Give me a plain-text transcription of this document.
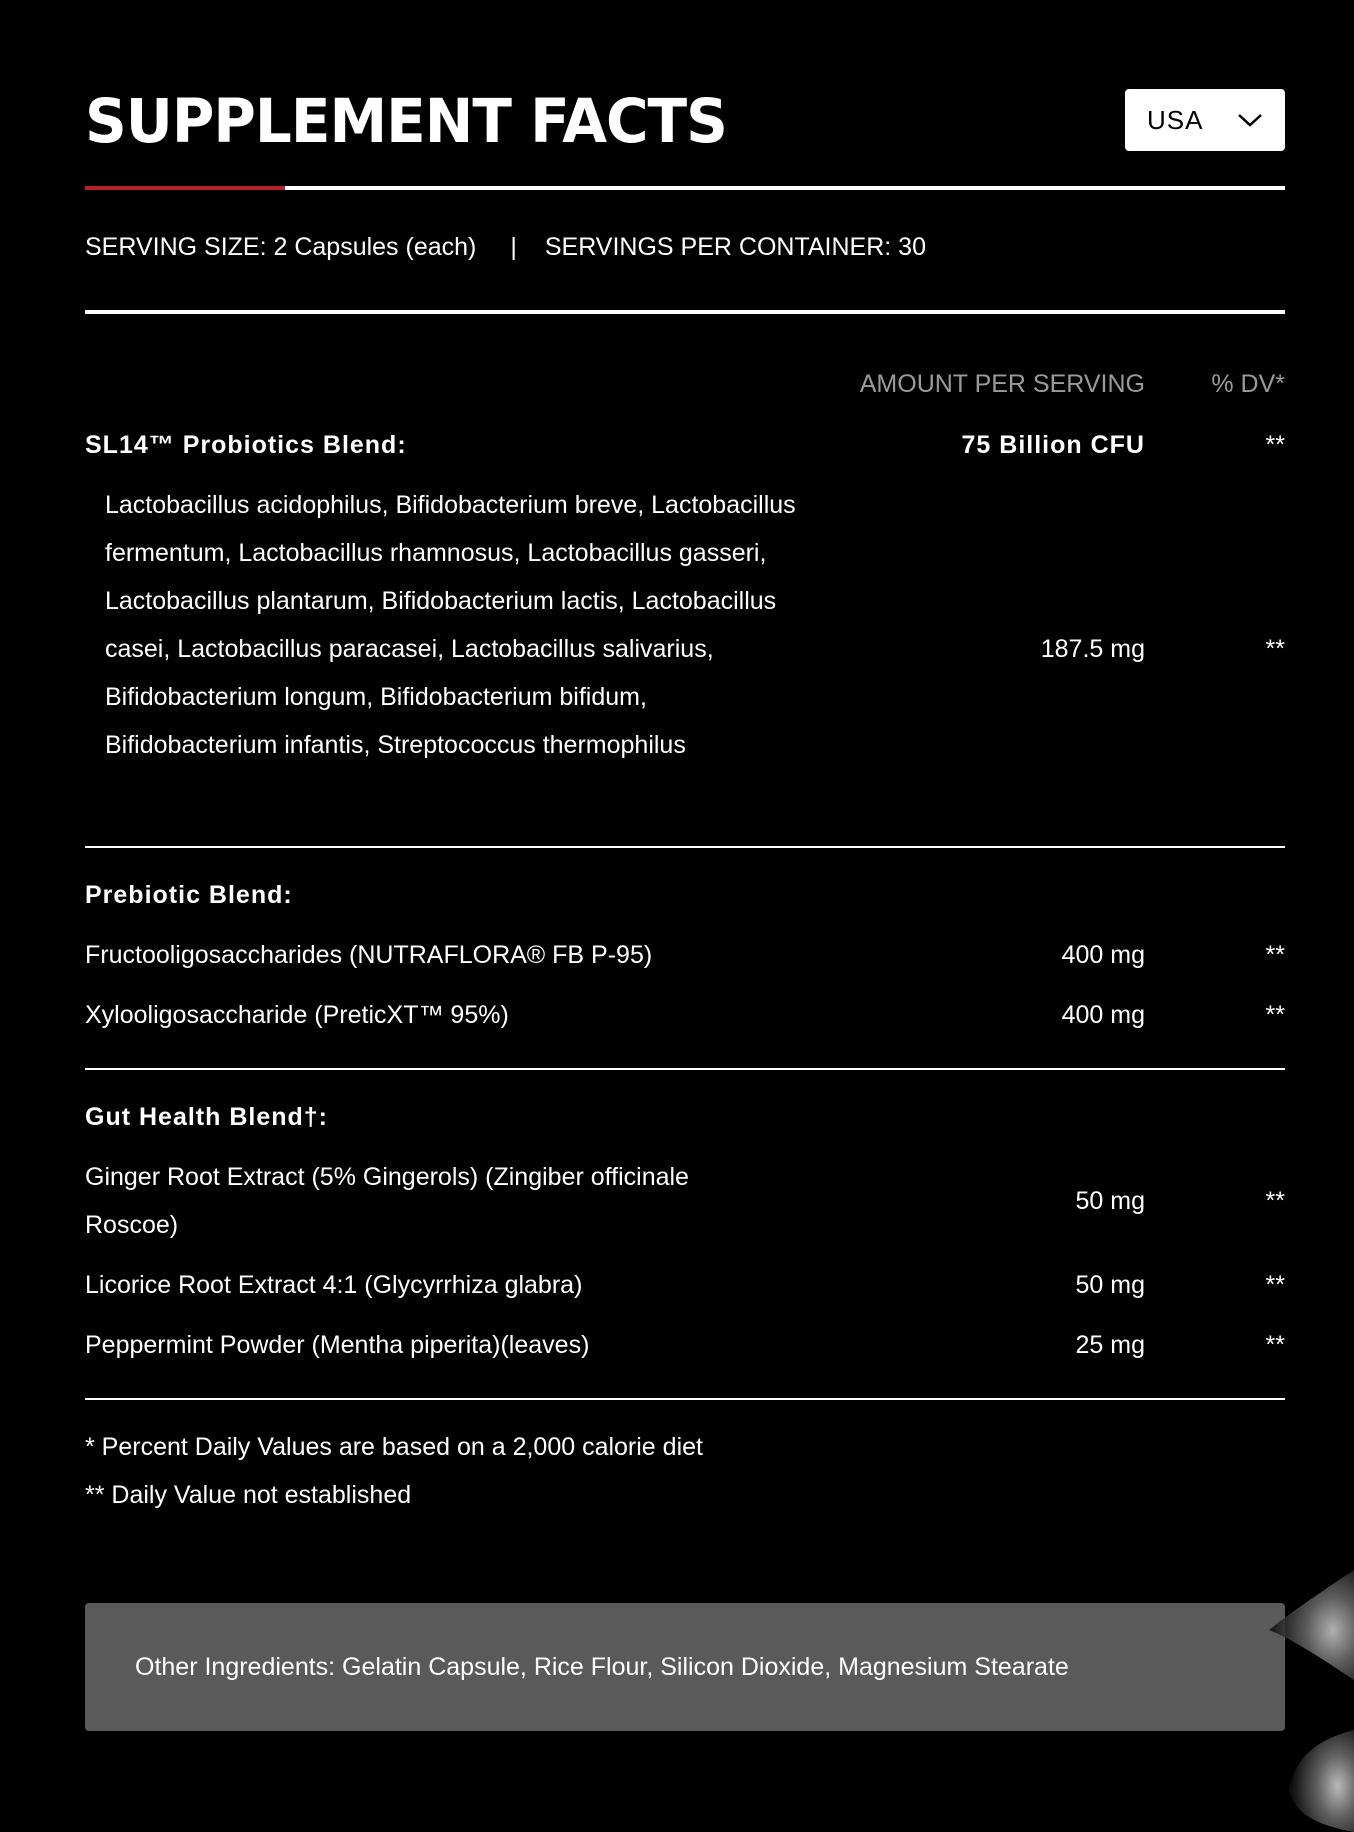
SUPPLEMENT FACTS	USA
SERVING SIZE: 2 Capsules (each) | SERVINGS PER CONTAINER: 30
AMOUNT PER SERVING	% DV*
SL14™ Probiotics Blend:	75 Billion CFU	**
Lactobacillus acidophilus, Bifidobacterium breve, Lactobacillus fermentum, Lactobacillus rhamnosus, Lactobacillus gasseri, Lactobacillus plantarum, Bifidobacterium lactis, Lactobacillus casei, Lactobacillus paracasei, Lactobacillus salivarius, Bifidobacterium longum, Bifidobacterium bifidum, Bifidobacterium infantis, Streptococcus thermophilus
187.5 mg	**
Prebiotic Blend:
Fructooligosaccharides (NUTRAFLORA® FB P-95)	400 mg	**
Xylooligosaccharide (PreticXT™ 95%)	400 mg	**
Gut Health Blend†:
Ginger Root Extract (5% Gingerols) (Zingiber officinale Roscoe)
50 mg	**
Licorice Root Extract 4:1 (Glycyrrhiza glabra)	50 mg	**
Peppermint Powder (Mentha piperita)(leaves)	25 mg	**
* Percent Daily Values are based on a 2,000 calorie diet
** Daily Value not established
Other Ingredients: Gelatin Capsule, Rice Flour, Silicon Dioxide, Magnesium Stearate
